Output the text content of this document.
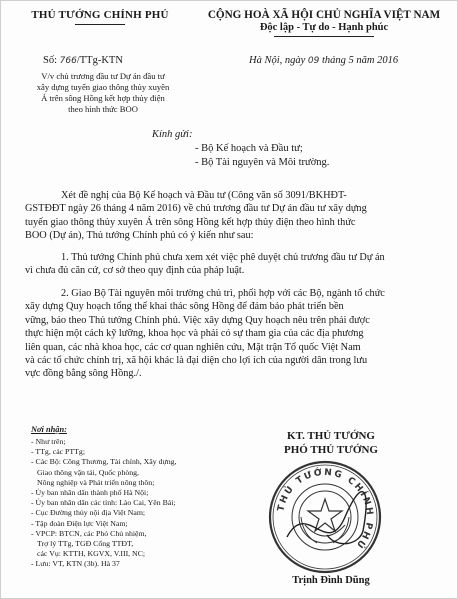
THỦ TƯỚNG CHÍNH PHỦ	CỘNG HOÀ XÃ HỘI CHỦ NGHĨA VIỆT NAM
Độc lập - Tự do - Hạnh phúc
Số: 766/TTg-KTN	Hà Nội, ngày 09 tháng 5 năm 2016
V/v chủ trương đầu tư Dự án đầu tư
xây dựng tuyến giao thông thủy xuyên
Á trên sông Hồng kết hợp thủy điện
theo hình thức BOO
Kính gửi:
- Bộ Kế hoạch và Đầu tư;
- Bộ Tài nguyên và Môi trường.
Xét đề nghị của Bộ Kế hoạch và Đầu tư (Công văn số 3091/BKHĐT-
GSTĐĐT ngày 26 tháng 4 năm 2016) về chủ trương đầu tư Dự án đầu tư xây dựng
tuyến giao thông thủy xuyên Á trên sông Hồng kết hợp thủy điện theo hình thức
BOO (Dự án), Thủ tướng Chính phủ có ý kiến như sau:
1. Thủ tướng Chính phủ chưa xem xét việc phê duyệt chủ trương đầu tư Dự án
vì chưa đủ căn cứ, cơ sở theo quy định của pháp luật.
2. Giao Bộ Tài nguyên môi trường chủ trì, phối hợp với các Bộ, ngành tổ chức
xây dựng Quy hoạch tổng thể khai thác sông Hồng để đảm bảo phát triển bền
vững, bảo theo Thủ tướng Chính phủ. Việc xây dựng Quy hoạch nêu trên phải được
thực hiện một cách kỹ lưỡng, khoa học và phải có sự tham gia của các địa phương
liên quan, các nhà khoa học, các cơ quan nghiên cứu, Mặt trận Tổ quốc Việt Nam
và các tổ chức chính trị, xã hội khác là đại diện cho lợi ích của người dân trong lưu
vực đồng bằng sông Hồng./.
Nơi nhận:
- Như trên;
- TTg, các PTTg;
- Các Bộ: Công Thương, Tài chính, Xây dựng,
Giao thông vận tải, Quốc phòng,
Nông nghiệp và Phát triển nông thôn;
- Ủy ban nhân dân thành phố Hà Nội;
- Ủy ban nhân dân các tỉnh: Lào Cai, Yên Bái;
- Cục Đường thủy nội địa Việt Nam;
- Tập đoàn Điện lực Việt Nam;
- VPCP: BTCN, các Phó Chủ nhiệm,
Trợ lý TTg, TGĐ Cổng TTĐT,
các Vụ: KTTH, KGVX, V.III, NC;
- Lưu: VT, KTN (3b). Hà 37
KT. THỦ TƯỚNG
PHÓ THỦ TƯỚNG
THỦ TƯỚNG CHÍNH PHỦ
Trịnh Đình Dũng
